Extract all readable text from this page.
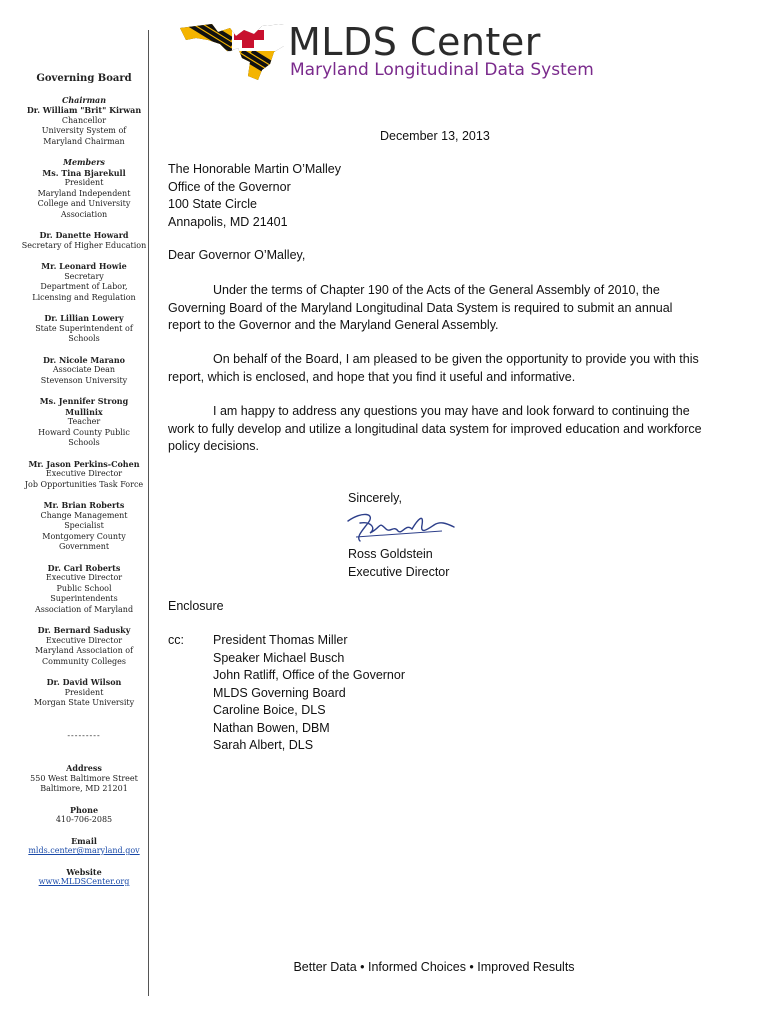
MLDS Center
Maryland Longitudinal Data System
Governing Board
Chairman
Dr. William "Brit" Kirwan
Chancellor
University System of
Maryland Chairman
Members
Ms. Tina Bjarekull
President
Maryland Independent
College and University
Association
Dr. Danette Howard
Secretary of Higher Education
Mr. Leonard Howie
Secretary
Department of Labor,
Licensing and Regulation
Dr. Lillian Lowery
State Superintendent of
Schools
Dr. Nicole Marano
Associate Dean
Stevenson University
Ms. Jennifer Strong Mullinix
Teacher
Howard County Public
Schools
Mr. Jason Perkins-Cohen
Executive Director
Job Opportunities Task Force
Mr. Brian Roberts
Change Management
Specialist
Montgomery County
Government
Dr. Carl Roberts
Executive Director
Public School
Superintendents
Association of Maryland
Dr. Bernard Sadusky
Executive Director
Maryland Association of
Community Colleges
Dr. David Wilson
President
Morgan State University
---------
Address
550 West Baltimore Street
Baltimore, MD 21201
Phone
410-706-2085
Email
mlds.center@maryland.gov
Website
www.MLDSCenter.org
December 13, 2013
The Honorable Martin O’Malley
Office of the Governor
100 State Circle
Annapolis, MD 21401
Dear Governor O’Malley,
Under the terms of Chapter 190 of the Acts of the General Assembly of 2010, the Governing Board of the Maryland Longitudinal Data System is required to submit an annual report to the Governor and the Maryland General Assembly.
On behalf of the Board, I am pleased to be given the opportunity to provide you with this report, which is enclosed, and hope that you find it useful and informative.
I am happy to address any questions you may have and look forward to continuing the work to fully develop and utilize a longitudinal data system for improved education and workforce policy decisions.
Sincerely,
Ross Goldstein
Executive Director
Enclosure
cc: President Thomas Miller
Speaker Michael Busch
John Ratliff, Office of the Governor
MLDS Governing Board
Caroline Boice, DLS
Nathan Bowen, DBM
Sarah Albert, DLS
Better Data • Informed Choices • Improved Results
